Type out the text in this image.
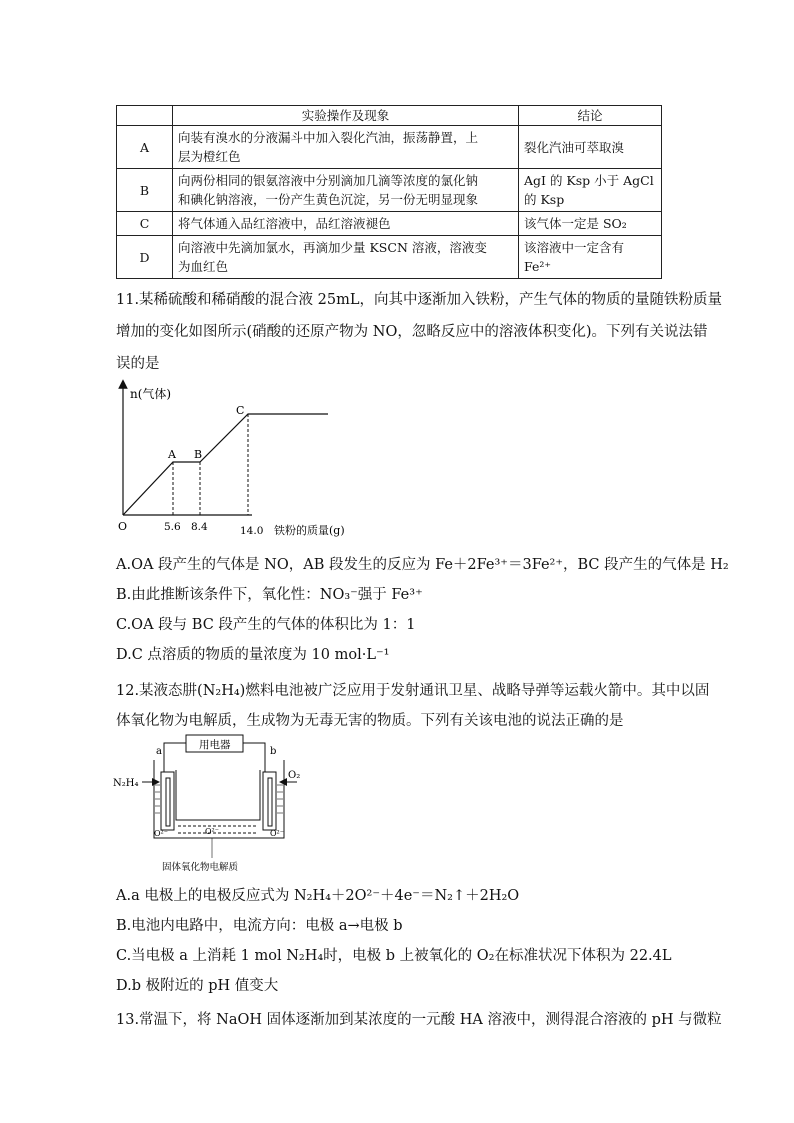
	实验操作及现象	结论
A	向装有溴水的分液漏斗中加入裂化汽油，振荡静置，上
层为橙红色	裂化汽油可萃取溴
B	向两份相同的银氨溶液中分别滴加几滴等浓度的氯化钠
和碘化钠溶液，一份产生黄色沉淀，另一份无明显现象	AgI 的 Ksp 小于 AgCl
的 Ksp
C	将气体通入品红溶液中，品红溶液褪色	该气体一定是 SO₂
D	向溶液中先滴加氯水，再滴加少量 KSCN 溶液，溶液变
为血红色	该溶液中一定含有
Fe²⁺
11.某稀硫酸和稀硝酸的混合液 25mL，向其中逐渐加入铁粉，产生气体的物质的量随铁粉质量
增加的变化如图所示(硝酸的还原产物为 NO，忽略反应中的溶液体积变化)。下列有关说法错
误的是
n(气体)
A B
C
O	5.6 8.4	14.0 铁粉的质量(g)
A.OA 段产生的气体是 NO，AB 段发生的反应为 Fe＋2Fe³⁺＝3Fe²⁺，BC 段产生的气体是 H₂
B.由此推断该条件下，氧化性：NO₃⁻强于 Fe³⁺
C.OA 段与 BC 段产生的气体的体积比为 1：1
D.C 点溶质的物质的量浓度为 10 mol·L⁻¹
12.某液态肼(N₂H₄)燃料电池被广泛应用于发射通讯卫星、战略导弹等运载火箭中。其中以固
体氧化物为电解质，生成物为无毒无害的物质。下列有关该电池的说法正确的是
用电器
a	b
O²⁻	O²⁻	O²⁻
N₂H₄
O₂
固体氧化物电解质
A.a 电极上的电极反应式为 N₂H₄＋2O²⁻＋4e⁻＝N₂↑＋2H₂O
B.电池内电路中，电流方向：电极 a→电极 b
C.当电极 a 上消耗 1 mol N₂H₄时，电极 b 上被氧化的 O₂在标准状况下体积为 22.4L
D.b 极附近的 pH 值变大
13.常温下，将 NaOH 固体逐渐加到某浓度的一元酸 HA 溶液中，测得混合溶液的 pH 与微粒
